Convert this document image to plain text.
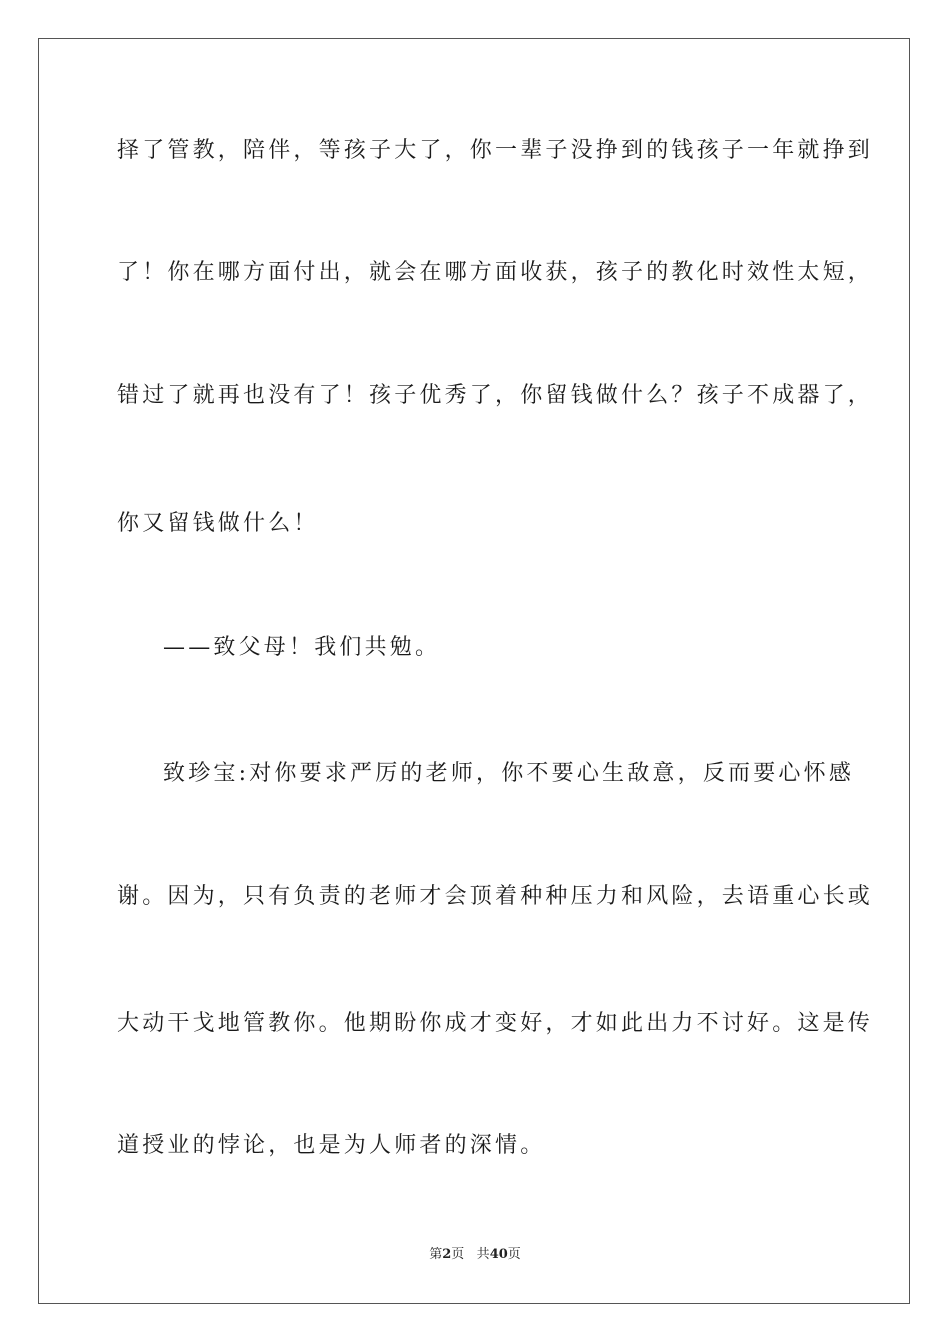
择了管教，陪伴，等孩子大了，你一辈子没挣到的钱孩子一年就挣到
了！你在哪方面付出，就会在哪方面收获，孩子的教化时效性太短，
错过了就再也没有了！孩子优秀了，你留钱做什么？孩子不成器了，
你又留钱做什么！
——致父母！我们共勉。
致珍宝:对你要求严厉的老师，你不要心生敌意，反而要心怀感
谢。因为，只有负责的老师才会顶着种种压力和风险，去语重心长或
大动干戈地管教你。他期盼你成才变好，才如此出力不讨好。这是传
道授业的悖论，也是为人师者的深情。
第2页 共40页
